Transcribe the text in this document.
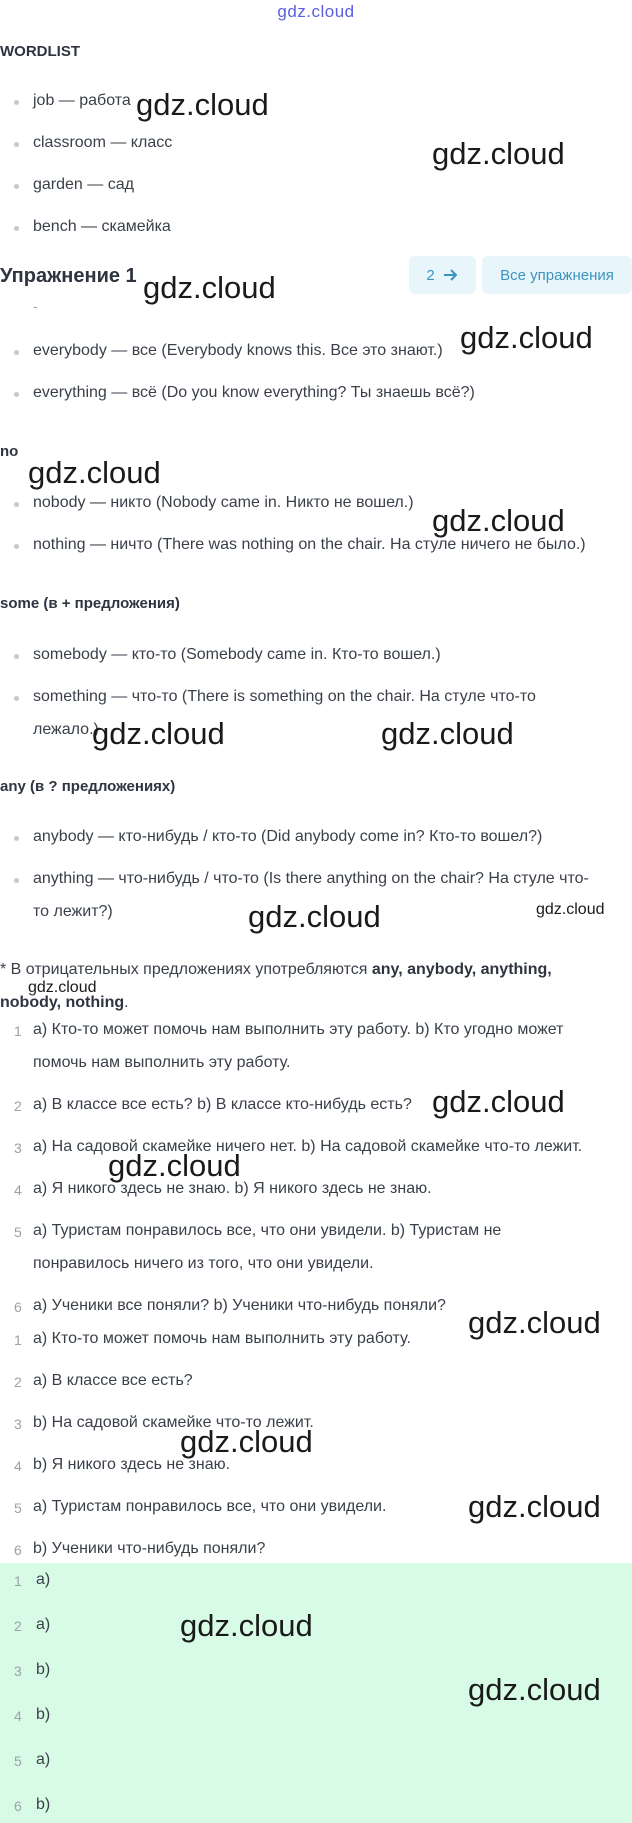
gdz.cloud
WORDLIST
job — работа
classroom — класс
garden — сад
bench — скамейка
Упражнение 1	2	Все упражнения
-
everybody — все (Everybody knows this. Все это знают.)
everything — всё (Do you know everything? Ты знаешь всё?)
no
nobody — никто (Nobody came in. Никто не вошел.)
nothing — ничто (There was nothing on the chair. На стуле ничего не было.)
some (в + предложения)
somebody — кто-то (Somebody came in. Кто-то вошел.)
something — что-то (There is something on the chair. На стуле что-то
лежало.)
any (в ? предложениях)
anybody — кто-нибудь / кто-то (Did anybody come in? Кто-то вошел?)
anything — что-нибудь / что-то (Is there anything on the chair? На стуле что-
то лежит?)
* В отрицательных предложениях употребляются any, anybody, anything,
nobody, nothing.
1 a) Кто-то может помочь нам выполнить эту работу. b) Кто угодно может
помочь нам выполнить эту работу.
2 a) В классе все есть? b) В классе кто-нибудь есть?
3 a) На садовой скамейке ничего нет. b) На садовой скамейке что-то лежит.
4 a) Я никого здесь не знаю. b) Я никого здесь не знаю.
5 a) Туристам понравилось все, что они увидели. b) Туристам не
понравилось ничего из того, что они увидели.
6 a) Ученики все поняли? b) Ученики что-нибудь поняли?
1 a) Кто-то может помочь нам выполнить эту работу.
2 a) В классе все есть?
3 b) На садовой скамейке что-то лежит.
4 b) Я никого здесь не знаю.
5 a) Туристам понравилось все, что они увидели.
6 b) Ученики что-нибудь поняли?
1 a)
2 a)
3 b)
4 b)
5 a)
6 b)
gdz.cloud
gdz.cloud
gdz.cloud
gdz.cloud
gdz.cloud
gdz.cloud
gdz.cloud	gdz.cloud
gdz.cloud	gdz.cloud
gdz.cloud
gdz.cloud
gdz.cloud
gdz.cloud
gdz.cloud
gdz.cloud
gdz.cloud
gdz.cloud
